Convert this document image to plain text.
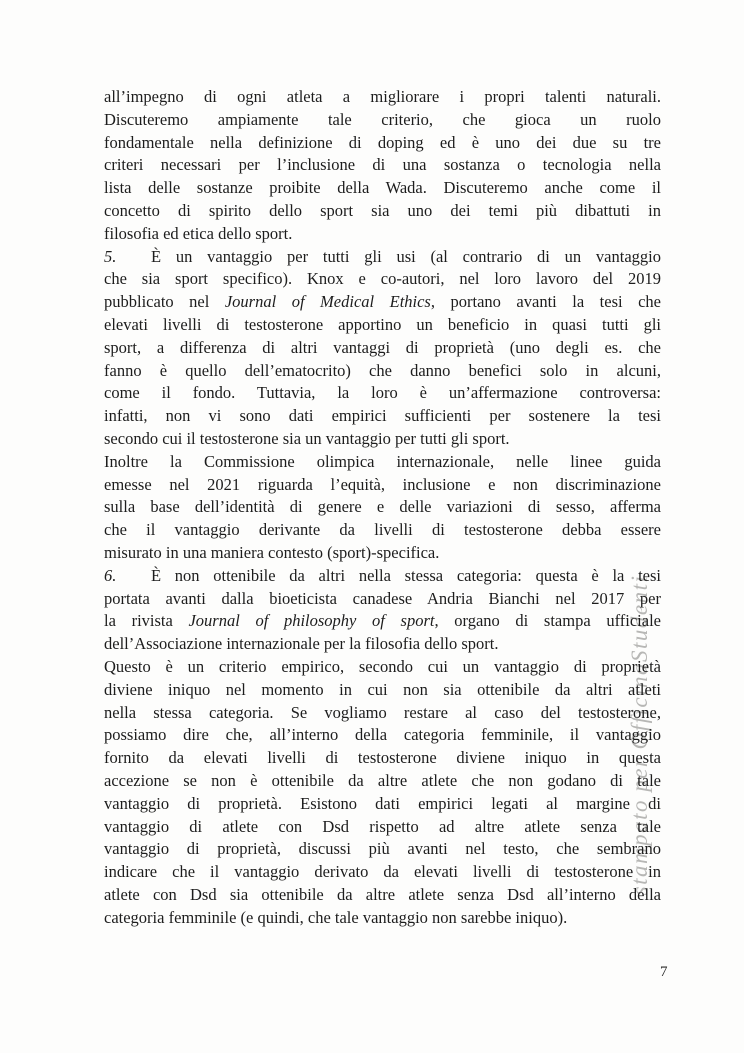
stampato per OfficinaStudenti
all’impegno di ogni atleta a migliorare i propri talenti naturali.
Discuteremo ampiamente tale criterio, che gioca un ruolo
fondamentale nella definizione di doping ed è uno dei due su tre
criteri necessari per l’inclusione di una sostanza o tecnologia nella
lista delle sostanze proibite della Wada. Discuteremo anche come il
concetto di spirito dello sport sia uno dei temi più dibattuti in
filosofia ed etica dello sport.
5. È un vantaggio per tutti gli usi (al contrario di un vantaggio
che sia sport specifico). Knox e co-autori, nel loro lavoro del 2019
pubblicato nel Journal of Medical Ethics, portano avanti la tesi che
elevati livelli di testosterone apportino un beneficio in quasi tutti gli
sport, a differenza di altri vantaggi di proprietà (uno degli es. che
fanno è quello dell’ematocrito) che danno benefici solo in alcuni,
come il fondo. Tuttavia, la loro è un’affermazione controversa:
infatti, non vi sono dati empirici sufficienti per sostenere la tesi
secondo cui il testosterone sia un vantaggio per tutti gli sport.
Inoltre la Commissione olimpica internazionale, nelle linee guida
emesse nel 2021 riguarda l’equità, inclusione e non discriminazione
sulla base dell’identità di genere e delle variazioni di sesso, afferma
che il vantaggio derivante da livelli di testosterone debba essere
misurato in una maniera contesto (sport)-specifica.
6. È non ottenibile da altri nella stessa categoria: questa è la tesi
portata avanti dalla bioeticista canadese Andria Bianchi nel 2017 per
la rivista Journal of philosophy of sport, organo di stampa ufficiale
dell’Associazione internazionale per la filosofia dello sport.
Questo è un criterio empirico, secondo cui un vantaggio di proprietà
diviene iniquo nel momento in cui non sia ottenibile da altri atleti
nella stessa categoria. Se vogliamo restare al caso del testosterone,
possiamo dire che, all’interno della categoria femminile, il vantaggio
fornito da elevati livelli di testosterone diviene iniquo in questa
accezione se non è ottenibile da altre atlete che non godano di tale
vantaggio di proprietà. Esistono dati empirici legati al margine di
vantaggio di atlete con Dsd rispetto ad altre atlete senza tale
vantaggio di proprietà, discussi più avanti nel testo, che sembrano
indicare che il vantaggio derivato da elevati livelli di testosterone in
atlete con Dsd sia ottenibile da altre atlete senza Dsd all’interno della
categoria femminile (e quindi, che tale vantaggio non sarebbe iniquo).
7
